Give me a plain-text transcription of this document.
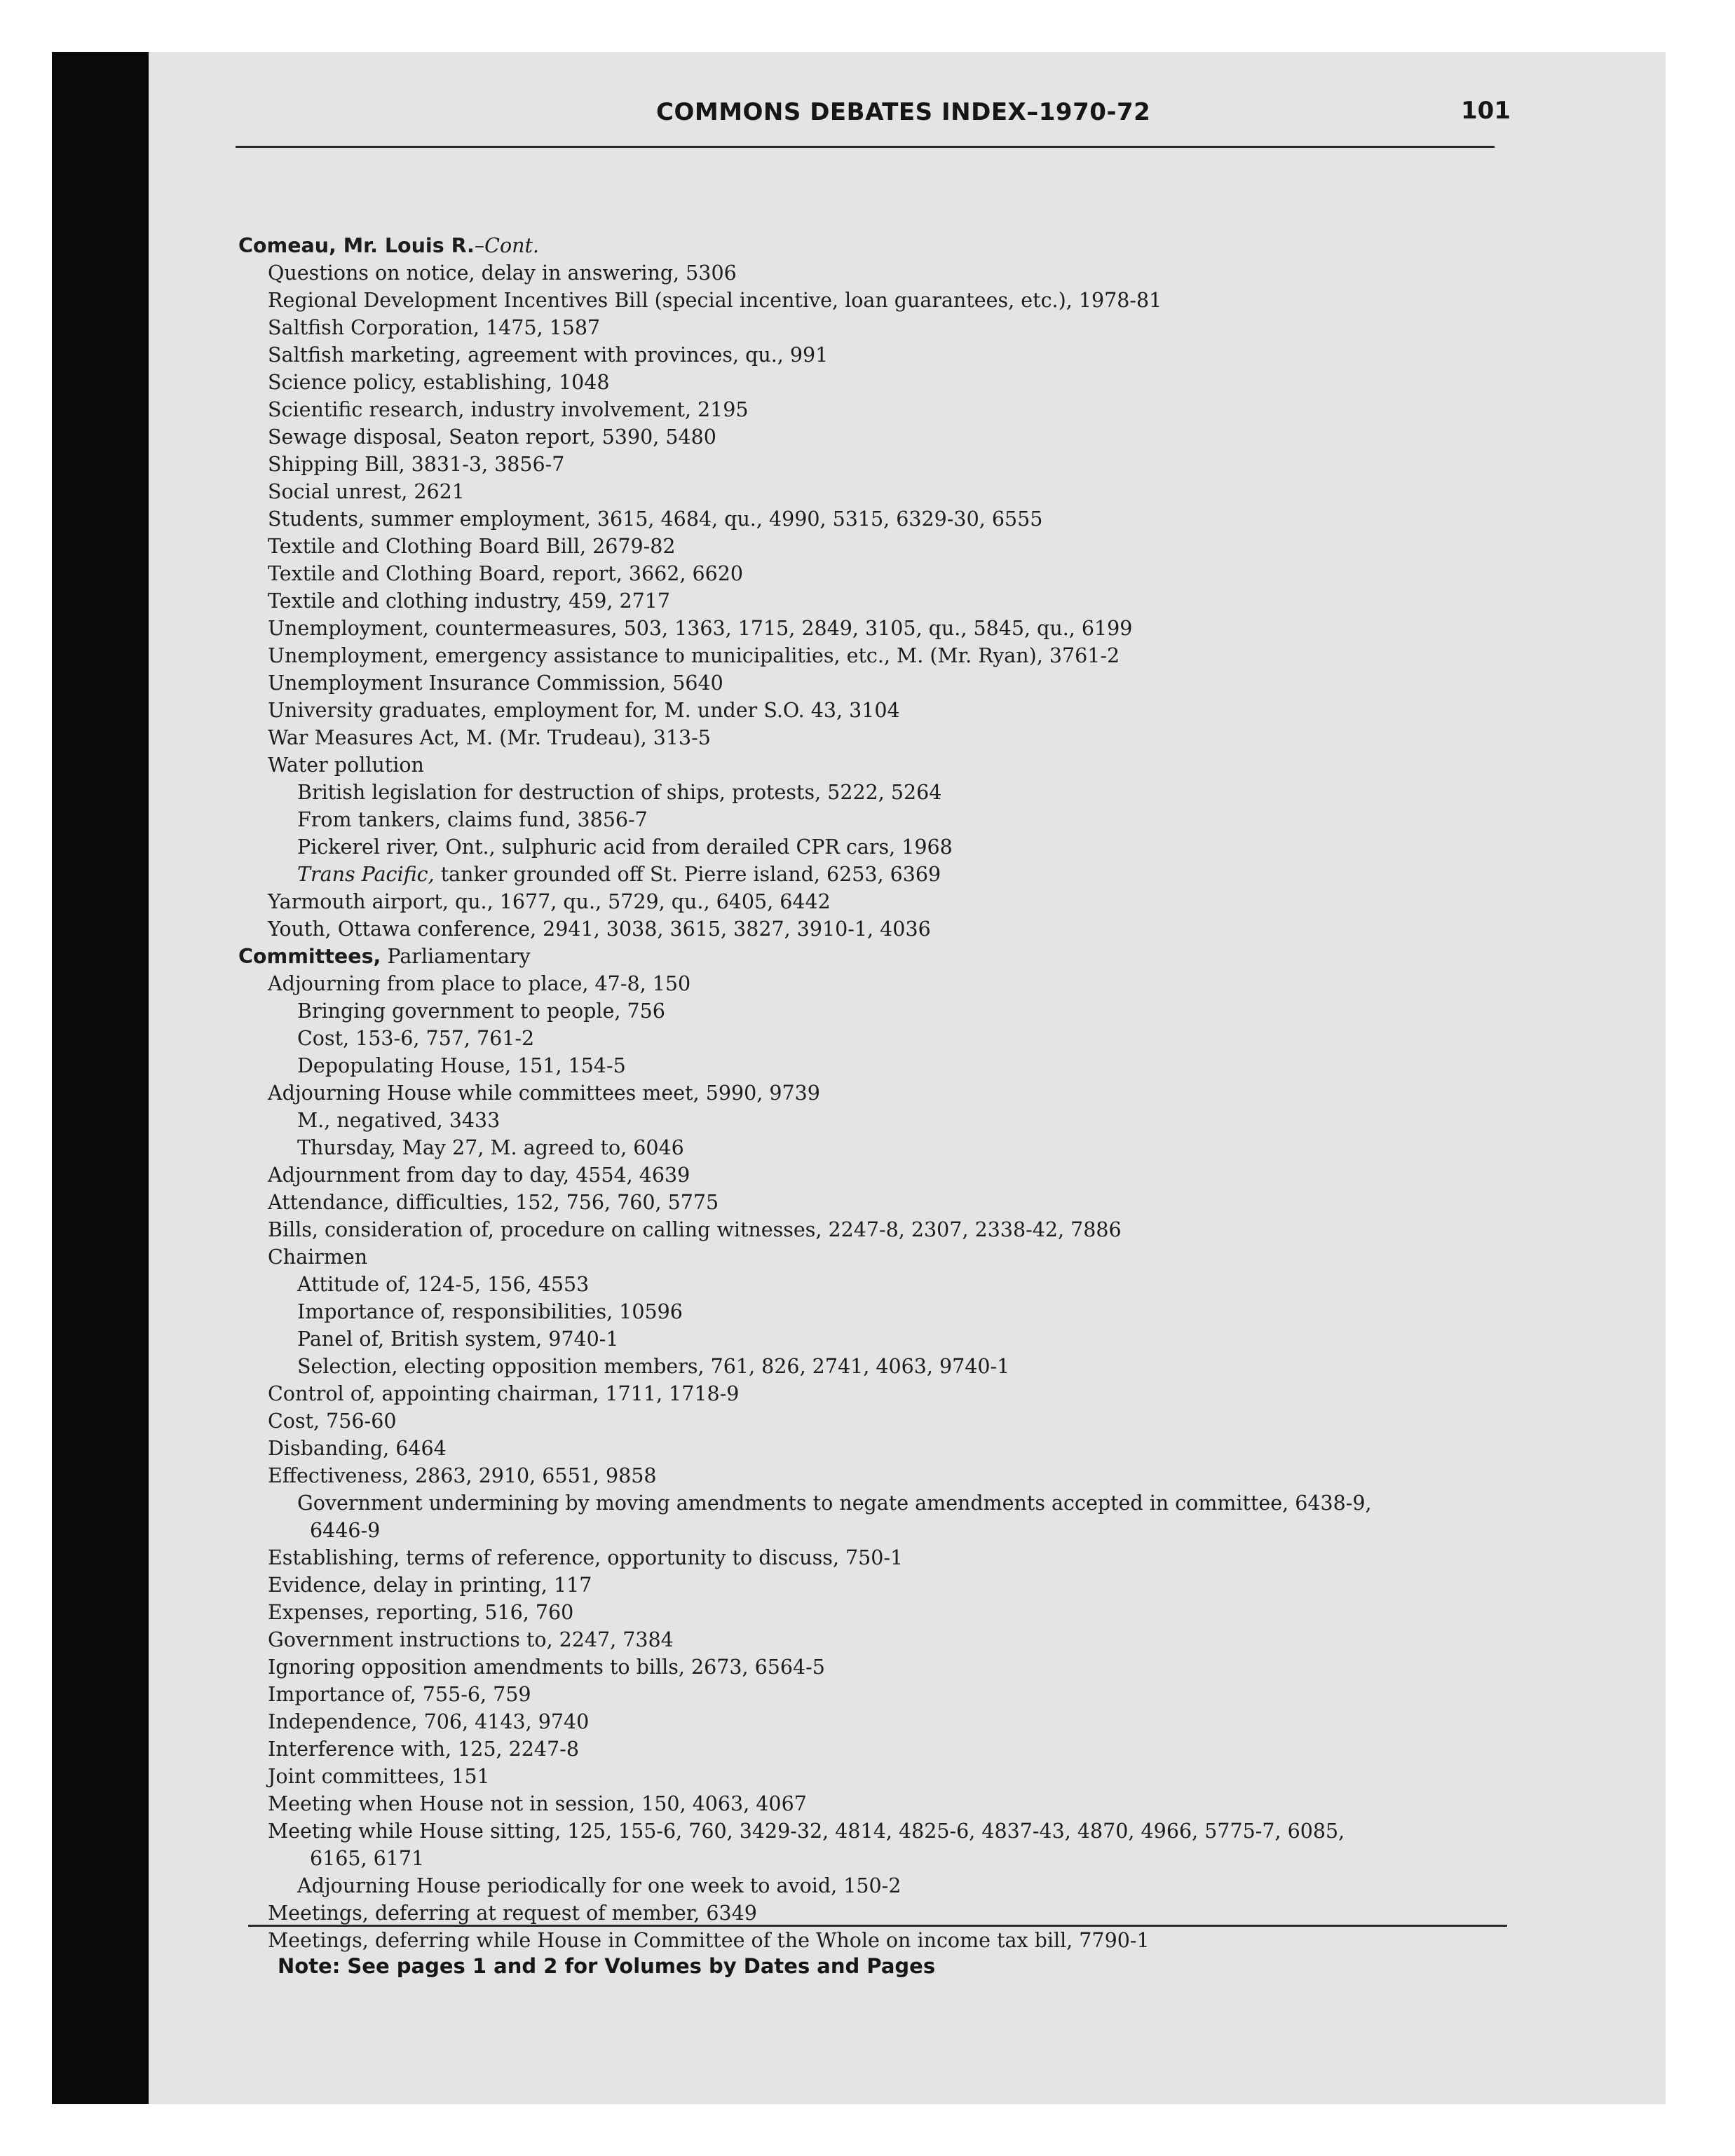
COMMONS DEBATES INDEX–1970-72	101
Comeau, Mr. Louis R.–Cont.
Questions on notice, delay in answering, 5306
Regional Development Incentives Bill (special incentive, loan guarantees, etc.), 1978-81
Saltfish Corporation, 1475, 1587
Saltfish marketing, agreement with provinces, qu., 991
Science policy, establishing, 1048
Scientific research, industry involvement, 2195
Sewage disposal, Seaton report, 5390, 5480
Shipping Bill, 3831-3, 3856-7
Social unrest, 2621
Students, summer employment, 3615, 4684, qu., 4990, 5315, 6329-30, 6555
Textile and Clothing Board Bill, 2679-82
Textile and Clothing Board, report, 3662, 6620
Textile and clothing industry, 459, 2717
Unemployment, countermeasures, 503, 1363, 1715, 2849, 3105, qu., 5845, qu., 6199
Unemployment, emergency assistance to municipalities, etc., M. (Mr. Ryan), 3761-2
Unemployment Insurance Commission, 5640
University graduates, employment for, M. under S.O. 43, 3104
War Measures Act, M. (Mr. Trudeau), 313-5
Water pollution
British legislation for destruction of ships, protests, 5222, 5264
From tankers, claims fund, 3856-7
Pickerel river, Ont., sulphuric acid from derailed CPR cars, 1968
Trans Pacific, tanker grounded off St. Pierre island, 6253, 6369
Yarmouth airport, qu., 1677, qu., 5729, qu., 6405, 6442
Youth, Ottawa conference, 2941, 3038, 3615, 3827, 3910-1, 4036
Committees, Parliamentary
Adjourning from place to place, 47-8, 150
Bringing government to people, 756
Cost, 153-6, 757, 761-2
Depopulating House, 151, 154-5
Adjourning House while committees meet, 5990, 9739
M., negatived, 3433
Thursday, May 27, M. agreed to, 6046
Adjournment from day to day, 4554, 4639
Attendance, difficulties, 152, 756, 760, 5775
Bills, consideration of, procedure on calling witnesses, 2247-8, 2307, 2338-42, 7886
Chairmen
Attitude of, 124-5, 156, 4553
Importance of, responsibilities, 10596
Panel of, British system, 9740-1
Selection, electing opposition members, 761, 826, 2741, 4063, 9740-1
Control of, appointing chairman, 1711, 1718-9
Cost, 756-60
Disbanding, 6464
Effectiveness, 2863, 2910, 6551, 9858
Government undermining by moving amendments to negate amendments accepted in committee, 6438-9,
6446-9
Establishing, terms of reference, opportunity to discuss, 750-1
Evidence, delay in printing, 117
Expenses, reporting, 516, 760
Government instructions to, 2247, 7384
Ignoring opposition amendments to bills, 2673, 6564-5
Importance of, 755-6, 759
Independence, 706, 4143, 9740
Interference with, 125, 2247-8
Joint committees, 151
Meeting when House not in session, 150, 4063, 4067
Meeting while House sitting, 125, 155-6, 760, 3429-32, 4814, 4825-6, 4837-43, 4870, 4966, 5775-7, 6085,
6165, 6171
Adjourning House periodically for one week to avoid, 150-2
Meetings, deferring at request of member, 6349
Meetings, deferring while House in Committee of the Whole on income tax bill, 7790-1
Note: See pages 1 and 2 for Volumes by Dates and Pages
